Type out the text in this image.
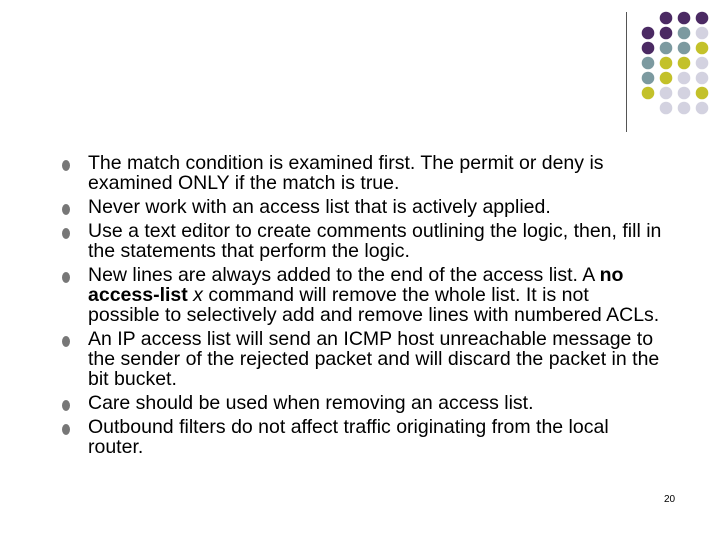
The match condition is examined first. The permit or deny is examined ONLY if the match is true.
Never work with an access list that is actively applied.
Use a text editor to create comments outlining the logic, then, fill in the statements that perform the logic.
New lines are always added to the end of the access list. A no access-list x command will remove the whole list. It is not possible to selectively add and remove lines with numbered ACLs.
An IP access list will send an ICMP host unreachable message to the sender of the rejected packet and will discard the packet in the bit bucket.
Care should be used when removing an access list.
Outbound filters do not affect traffic originating from the local router.
20
